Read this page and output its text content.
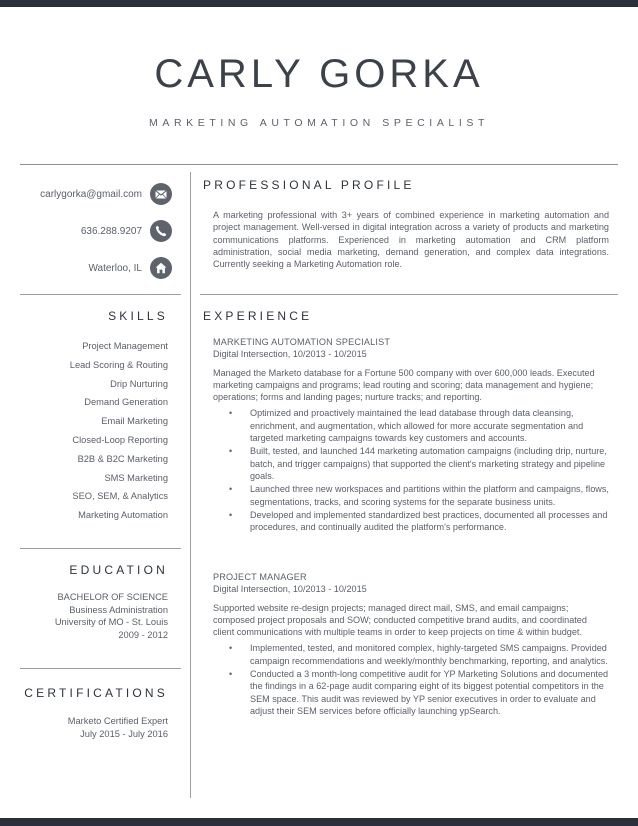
CARLY GORKA
MARKETING AUTOMATION SPECIALIST
carlygorka@gmail.com
636.288.9207
Waterloo, IL
PROFESSIONAL PROFILE
SKILLS	EXPERIENCE
A marketing professional with 3+ years of combined experience in marketing automation and project management. Well-versed in digital integration across a variety of products and marketing communications platforms. Experienced in marketing automation and CRM platform administration, social media marketing, demand generation, and complex data integrations. Currently seeking a Marketing Automation role.
Project Management
Lead Scoring & Routing
Drip Nurturing
Demand Generation
Email Marketing
Closed-Loop Reporting
B2B & B2C Marketing
SMS Marketing
SEO, SEM, & Analytics
Marketing Automation
EDUCATION
BACHELOR OF SCIENCE
Business Administration
University of MO - St. Louis
2009 - 2012
CERTIFICATIONS
Marketo Certified Expert
July 2015 - July 2016
MARKETING AUTOMATION SPECIALIST
Digital Intersection, 10/2013 - 10/2015
Managed the Marketo database for a Fortune 500 company with over 600,000 leads. Executed marketing campaigns and programs; lead routing and scoring; data management and hygiene; operations; forms and landing pages; nurture tracks; and reporting.
• Optimized and proactively maintained the lead database through data cleansing, enrichment, and augmentation, which allowed for more accurate segmentation and targeted marketing campaigns towards key customers and accounts.
• Built, tested, and launched 144 marketing automation campaigns (including drip, nurture, batch, and trigger campaigns) that supported the client's marketing strategy and pipeline goals.
• Launched three new workspaces and partitions within the platform and campaigns, flows, segmentations, tracks, and scoring systems for the separate business units.
• Developed and implemented standardized best practices, documented all processes and procedures, and continually audited the platform's performance.
PROJECT MANAGER
Digital Intersection, 10/2013 - 10/2015
Supported website re-design projects; managed direct mail, SMS, and email campaigns; composed project proposals and SOW; conducted competitive brand audits, and coordinated client communications with multiple teams in order to keep projects on time & within budget.
• Implemented, tested, and monitored complex, highly-targeted SMS campaigns. Provided campaign recommendations and weekly/monthly benchmarking, reporting, and analytics.
• Conducted a 3 month-long competitive audit for YP Marketing Solutions and documented the findings in a 62-page audit comparing eight of its biggest potential competitors in the SEM space. This audit was reviewed by YP senior executives in order to evaluate and adjust their SEM services before officially launching ypSearch.
